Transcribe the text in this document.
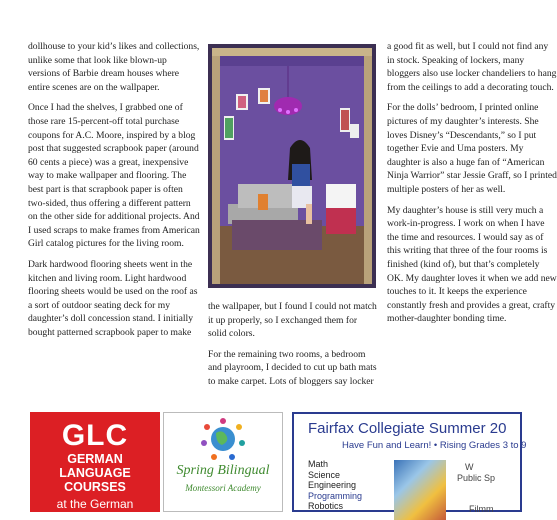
dollhouse to your kid’s likes and collections, unlike some that look like blown-up versions of Barbie dream houses where entire scenes are on the wallpaper.

Once I had the shelves, I grabbed one of those rare 15-percent-off total purchase coupons for A.C. Moore, inspired by a blog post that suggested scrapbook paper (around 60 cents a piece) was a great, inexpensive way to make wallpaper and flooring. The best part is that scrapbook paper is often two-sided, thus offering a different pattern on the other side for additional projects. And I used scraps to make frames from American Girl catalog pictures for the living room.

Dark hardwood flooring sheets went in the kitchen and living room. Light hardwood flooring sheets would be used on the roof as a sort of outdoor seating deck for my daughter’s doll concession stand. I initially bought patterned scrapbook paper to make

the wallpaper, but I found I could not match it up properly, so I exchanged them for solid colors.

For the remaining two rooms, a bedroom and playroom, I decided to cut up bath mats to make carpet. Lots of bloggers say locker

a good fit as well, but I could not find any in stock. Speaking of lockers, many bloggers also use locker chandeliers to hang from the ceilings to add a decorating touch.

For the dolls’ bedroom, I printed online pictures of my daughter’s interests. She loves Disney’s “Descendants,” so I put together Evie and Uma posters. My daughter is also a huge fan of “American Ninja Warrior” star Jessie Graff, so I printed multiple posters of her as well.

My daughter’s house is still very much a work-in-progress. I work on when I have the time and resources. I would say as of this writing that three of the four rooms is finished (kind of), but that’s completely OK. My daughter loves it when we add new touches to it. It keeps the experience constantly fresh and provides a great, crafty mother-daughter bonding time.

GLC
GERMAN
LANGUAGE
COURSES
at the German
Spring Bilingual
Montessori Academy
Fairfax Collegiate Summer 20
Have Fun and Learn! • Rising Grades 3 to 9
Math
Science
Engineering
Programming
Robotics
W
Public Sp
Filmm
